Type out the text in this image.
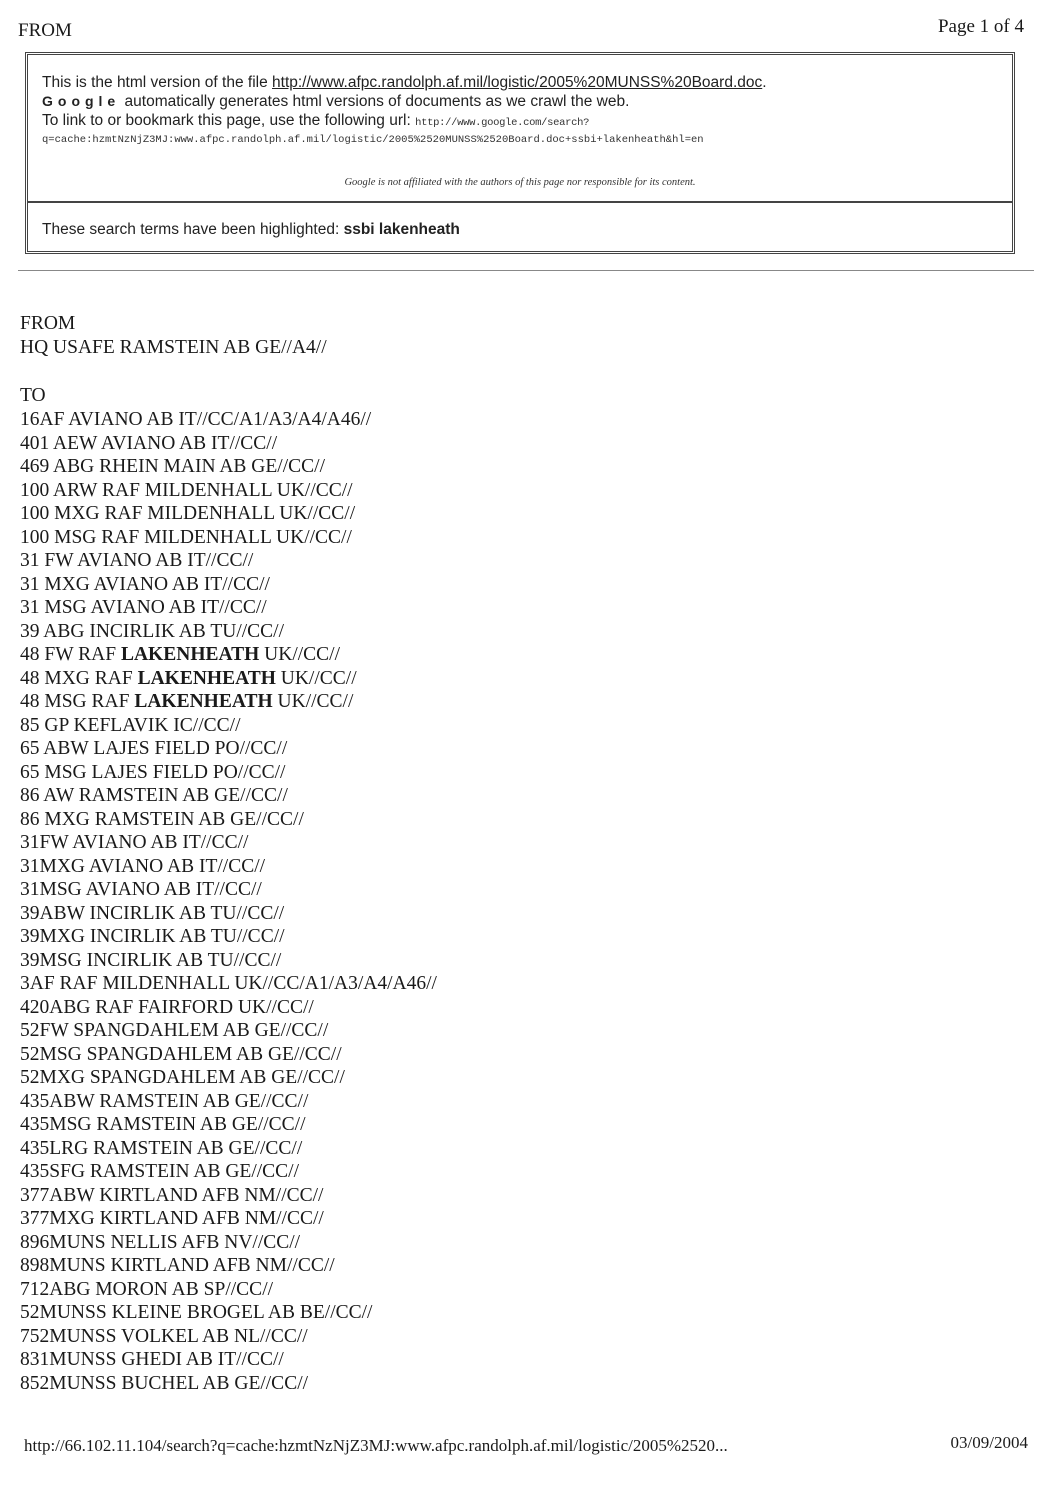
FROM	Page 1 of 4
This is the html version of the file http://www.afpc.randolph.af.mil/logistic/2005%20MUNSS%20Board.doc.
Google automatically generates html versions of documents as we crawl the web.
To link to or bookmark this page, use the following url: http://www.google.com/search?
q=cache:hzmtNzNjZ3MJ:www.afpc.randolph.af.mil/logistic/2005%2520MUNSS%2520Board.doc+ssbi+lakenheath&hl=en
Google is not affiliated with the authors of this page nor responsible for its content.
These search terms have been highlighted: ssbi lakenheath
FROM
HQ USAFE RAMSTEIN AB GE//A4//
TO
16AF AVIANO AB IT//CC/A1/A3/A4/A46//
401 AEW AVIANO AB IT//CC//
469 ABG RHEIN MAIN AB GE//CC//
100 ARW RAF MILDENHALL UK//CC//
100 MXG RAF MILDENHALL UK//CC//
100 MSG RAF MILDENHALL UK//CC//
31 FW AVIANO AB IT//CC//
31 MXG AVIANO AB IT//CC//
31 MSG AVIANO AB IT//CC//
39 ABG INCIRLIK AB TU//CC//
48 FW RAF LAKENHEATH UK//CC//
48 MXG RAF LAKENHEATH UK//CC//
48 MSG RAF LAKENHEATH UK//CC//
85 GP KEFLAVIK IC//CC//
65 ABW LAJES FIELD PO//CC//
65 MSG LAJES FIELD PO//CC//
86 AW RAMSTEIN AB GE//CC//
86 MXG RAMSTEIN AB GE//CC//
31FW AVIANO AB IT//CC//
31MXG AVIANO AB IT//CC//
31MSG AVIANO AB IT//CC//
39ABW INCIRLIK AB TU//CC//
39MXG INCIRLIK AB TU//CC//
39MSG INCIRLIK AB TU//CC//
3AF RAF MILDENHALL UK//CC/A1/A3/A4/A46//
420ABG RAF FAIRFORD UK//CC//
52FW SPANGDAHLEM AB GE//CC//
52MSG SPANGDAHLEM AB GE//CC//
52MXG SPANGDAHLEM AB GE//CC//
435ABW RAMSTEIN AB GE//CC//
435MSG RAMSTEIN AB GE//CC//
435LRG RAMSTEIN AB GE//CC//
435SFG RAMSTEIN AB GE//CC//
377ABW KIRTLAND AFB NM//CC//
377MXG KIRTLAND AFB NM//CC//
896MUNS NELLIS AFB NV//CC//
898MUNS KIRTLAND AFB NM//CC//
712ABG MORON AB SP//CC//
52MUNSS KLEINE BROGEL AB BE//CC//
752MUNSS VOLKEL AB NL//CC//
831MUNSS GHEDI AB IT//CC//
852MUNSS BUCHEL AB GE//CC//
http://66.102.11.104/search?q=cache:hzmtNzNjZ3MJ:www.afpc.randolph.af.mil/logistic/2005%2520...	03/09/2004
